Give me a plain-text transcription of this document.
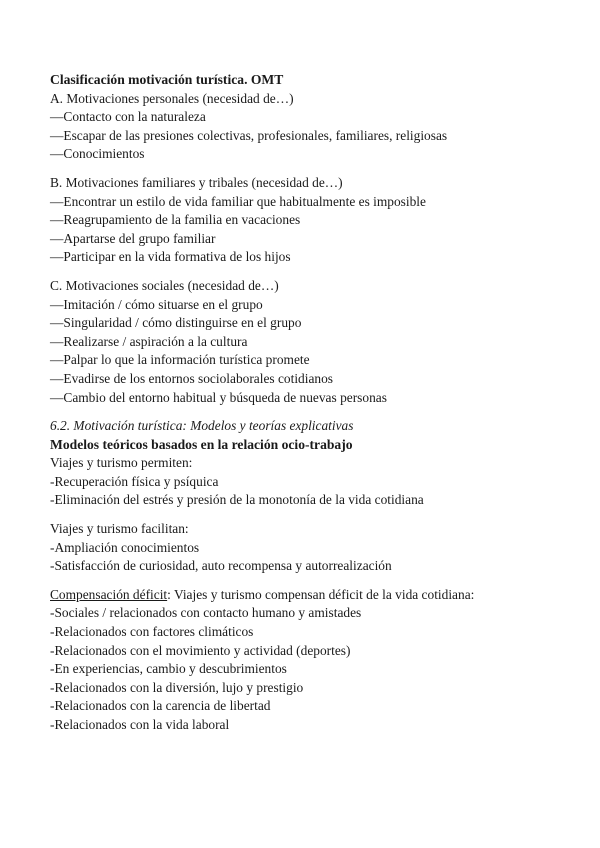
Clasificación motivación turística. OMT
A. Motivaciones personales (necesidad de…)
—Contacto con la naturaleza
—Escapar de las presiones colectivas, profesionales, familiares, religiosas
—Conocimientos
B. Motivaciones familiares y tribales (necesidad de…)
—Encontrar un estilo de vida familiar que habitualmente es imposible
—Reagrupamiento de la familia en vacaciones
—Apartarse del grupo familiar
—Participar en la vida formativa de los hijos
C. Motivaciones sociales (necesidad de…)
—Imitación / cómo situarse en el grupo
—Singularidad / cómo distinguirse en el grupo
—Realizarse / aspiración a la cultura
—Palpar lo que la información turística promete
—Evadirse de los entornos sociolaborales cotidianos
—Cambio del entorno habitual y búsqueda de nuevas personas
6.2. Motivación turística: Modelos y teorías explicativas
Modelos teóricos basados en la relación ocio-trabajo
Viajes y turismo permiten:
-Recuperación física y psíquica
-Eliminación del estrés y presión de la monotonía de la vida cotidiana
Viajes y turismo facilitan:
-Ampliación conocimientos
-Satisfacción de curiosidad, auto recompensa y autorrealización
Compensación déficit: Viajes y turismo compensan déficit de la vida cotidiana:
-Sociales / relacionados con contacto humano y amistades
-Relacionados con factores climáticos
-Relacionados con el movimiento y actividad (deportes)
-En experiencias, cambio y descubrimientos
-Relacionados con la diversión, lujo y prestigio
-Relacionados con la carencia de libertad
-Relacionados con la vida laboral
